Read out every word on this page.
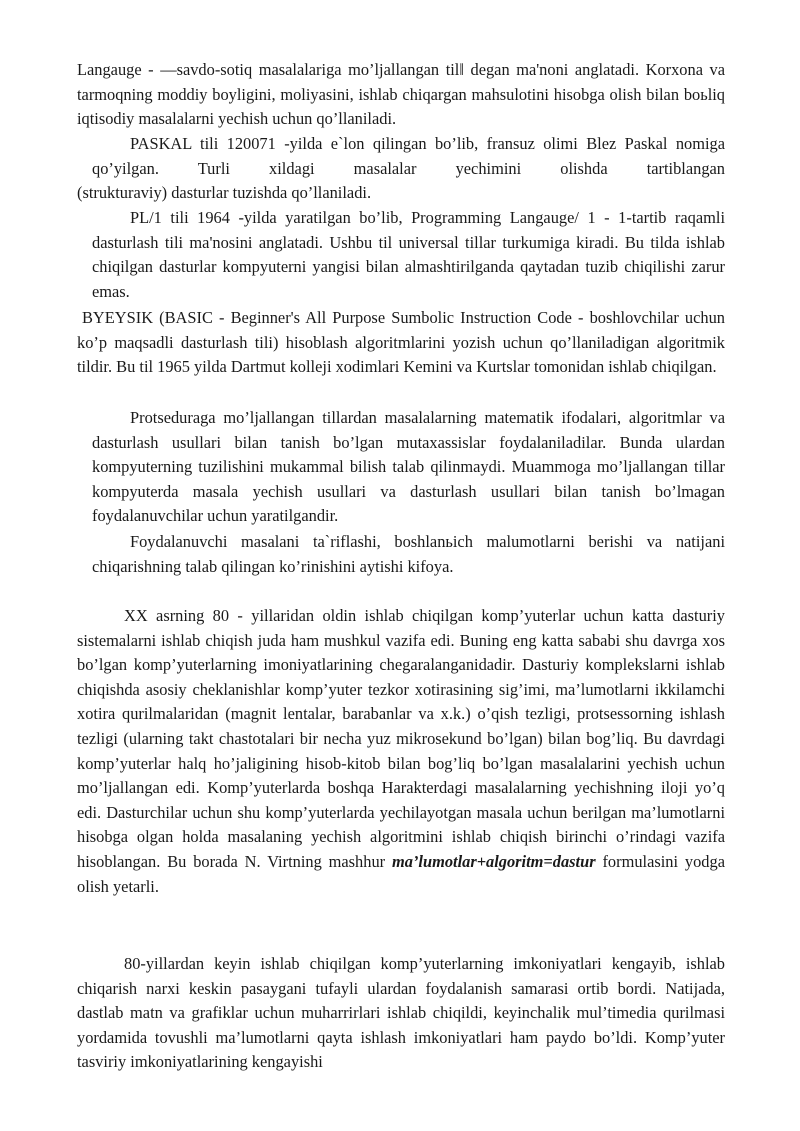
Langauge - ―savdo-sotiq masalalariga mo’ljallangan til‖ degan ma'noni anglatadi. Korxona va tarmoqning moddiy boyligini, moliyasini, ishlab chiqargan mahsulotini hisobga olish bilan boьliq iqtisodiy masalalarni yechish uchun qo’llaniladi.

PASKAL tili 120071 -yilda e`lon qilingan bo’lib, fransuz olimi Blez Paskal nomiga qo’yilgan. Turli xildagi masalalar yechimini olishda tartiblangan

(strukturaviy) dasturlar tuzishda qo’llaniladi.

PL/1 tili 1964 -yilda yaratilgan bo’lib, Programming Langauge/ 1 - 1-tartib raqamli dasturlash tili ma'nosini anglatadi. Ushbu til universal tillar turkumiga kiradi. Bu tilda ishlab chiqilgan dasturlar kompyuterni yangisi bilan almashtirilganda qaytadan tuzib chiqilishi zarur emas.

BYEYSIK (BASIC - Beginner's All Purpose Sumbolic Instruction Code - boshlovchilar uchun ko’p maqsadli dasturlash tili) hisoblash algoritmlarini yozish uchun qo’llaniladigan algoritmik tildir. Bu til 1965 yilda Dartmut kolleji xodimlari Kemini va Kurtslar tomonidan ishlab chiqilgan.

Protseduraga mo’ljallangan tillardan masalalarning matematik ifodalari, algoritmlar va dasturlash usullari bilan tanish bo’lgan mutaxassislar foydalaniladilar. Bunda ulardan kompyuterning tuzilishini mukammal bilish talab qilinmaydi. Muammoga mo’ljallangan tillar kompyuterda masala yechish usullari va dasturlash usullari bilan tanish bo’lmagan foydalanuvchilar uchun yaratilgandir.

Foydalanuvchi masalani ta`riflashi, boshlanьich malumotlarni berishi va natijani chiqarishning talab qilingan ko’rinishini aytishi kifoya.

XX asrning 80 - yillaridan oldin ishlab chiqilgan komp’yuterlar uchun katta dasturiy sistemalarni ishlab chiqish juda ham mushkul vazifa edi. Buning eng katta sababi shu davrga xos bo’lgan komp’yuterlarning imoniyatlarining chegaralanganidadir. Dasturiy komplekslarni ishlab chiqishda asosiy cheklanishlar komp’yuter tezkor xotirasining sig’imi, ma’lumotlarni ikkilamchi xotira qurilmalaridan (magnit lentalar, barabanlar va x.k.) o’qish tezligi, protsessorning ishlash tezligi (ularning takt chastotalari bir necha yuz mikrosekund bo’lgan) bilan bog’liq. Bu davrdagi komp’yuterlar halq ho’jaligining hisob-kitob bilan bog’liq bo’lgan masalalarini yechish uchun mo’ljallangan edi. Komp’yuterlarda boshqa Harakterdagi masalalarning yechishning iloji yo’q edi. Dasturchilar uchun shu komp’yuterlarda yechilayotgan masala uchun berilgan ma’lumotlarni hisobga olgan holda masalaning yechish algoritmini ishlab chiqish birinchi o’rindagi vazifa hisoblangan. Bu borada N. Virtning mashhur ma’lumotlar+algoritm=dastur formulasini yodga olish yetarli.

80-yillardan keyin ishlab chiqilgan komp’yuterlarning imkoniyatlari kengayib, ishlab chiqarish narxi keskin pasaygani tufayli ulardan foydalanish samarasi ortib bordi. Natijada, dastlab matn va grafiklar uchun muharrirlari ishlab chiqildi, keyinchalik mul’timedia qurilmasi yordamida tovushli ma’lumotlarni qayta ishlash imkoniyatlari ham paydo bo’ldi. Komp’yuter tasviriy imkoniyatlarining kengayishi
